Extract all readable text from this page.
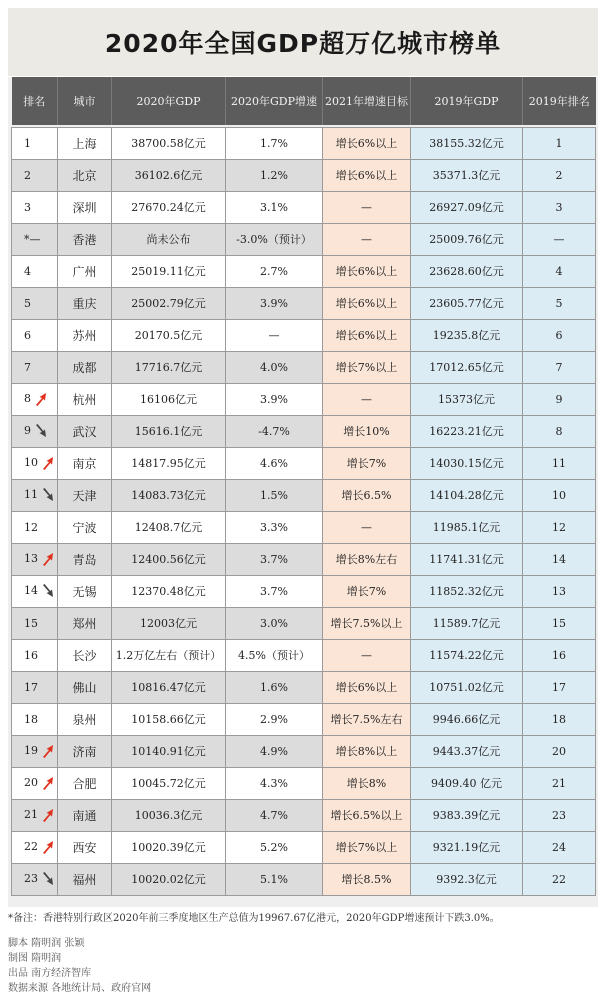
2020年全国GDP超万亿城市榜单
排名	城市	2020年GDP	2020年GDP增速	2021年增速目标	2019年GDP	2019年排名

1	上海	38700.58亿元	1.7%	增长6%以上	38155.32亿元	1
2	北京	36102.6亿元	1.2%	增长6%以上	35371.3亿元	2
3	深圳	27670.24亿元	3.1%	—	26927.09亿元	3
*—	香港	尚未公布	-3.0%（预计）	—	25009.76亿元	—
4	广州	25019.11亿元	2.7%	增长6%以上	23628.60亿元	4
5	重庆	25002.79亿元	3.9%	增长6%以上	23605.77亿元	5
6	苏州	20170.5亿元	—	增长6%以上	19235.8亿元	6
7	成都	17716.7亿元	4.0%	增长7%以上	17012.65亿元	7
8	杭州	16106亿元	3.9%	—	15373亿元	9
9	武汉	15616.1亿元	-4.7%	增长10%	16223.21亿元	8
10	南京	14817.95亿元	4.6%	增长7%	14030.15亿元	11
11	天津	14083.73亿元	1.5%	增长6.5%	14104.28亿元	10
12	宁波	12408.7亿元	3.3%	—	11985.1亿元	12
13	青岛	12400.56亿元	3.7%	增长8%左右	11741.31亿元	14
14	无锡	12370.48亿元	3.7%	增长7%	11852.32亿元	13
15	郑州	12003亿元	3.0%	增长7.5%以上	11589.7亿元	15
16	长沙	1.2万亿左右（预计）	4.5%（预计）	—	11574.22亿元	16
17	佛山	10816.47亿元	1.6%	增长6%以上	10751.02亿元	17
18	泉州	10158.66亿元	2.9%	增长7.5%左右	9946.66亿元	18
19	济南	10140.91亿元	4.9%	增长8%以上	9443.37亿元	20
20	合肥	10045.72亿元	4.3%	增长8%	9409.40 亿元	21
21	南通	10036.3亿元	4.7%	增长6.5%以上	9383.39亿元	23
22	西安	10020.39亿元	5.2%	增长7%以上	9321.19亿元	24
23	福州	10020.02亿元	5.1%	增长8.5%	9392.3亿元	22
*备注：香港特别行政区2020年前三季度地区生产总值为19967.67亿港元，2020年GDP增速预计下跌3.0%。
脚本 隋明润 张颖
制图 隋明润
出品 南方经济智库
数据来源 各地统计局、政府官网
